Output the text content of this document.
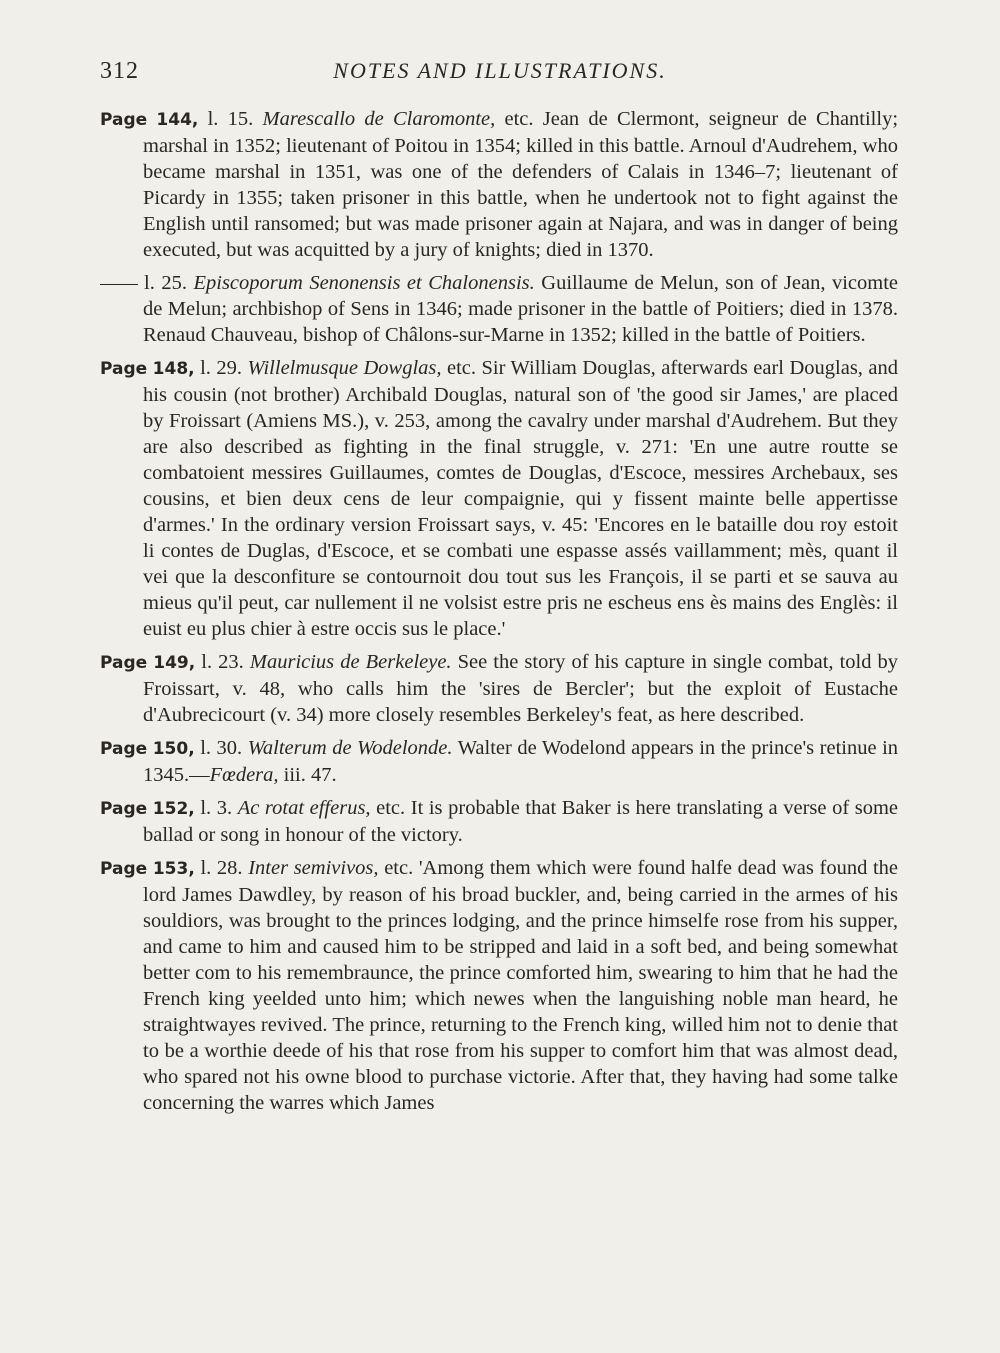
312	NOTES AND ILLUSTRATIONS.

Page 144, l. 15. Marescallo de Claromonte, etc. Jean de Clermont, seigneur de Chantilly; marshal in 1352; lieutenant of Poitou in 1354; killed in this battle. Arnoul d'Audrehem, who became marshal in 1351, was one of the defenders of Calais in 1346–7; lieutenant of Picardy in 1355; taken prisoner in this battle, when he undertook not to fight against the English until ransomed; but was made prisoner again at Najara, and was in danger of being executed, but was acquitted by a jury of knights; died in 1370.

l. 25. Episcoporum Senonensis et Chalonensis. Guillaume de Melun, son of Jean, vicomte de Melun; archbishop of Sens in 1346; made prisoner in the battle of Poitiers; died in 1378. Renaud Chauveau, bishop of Châlons-sur-Marne in 1352; killed in the battle of Poitiers.

Page 148, l. 29. Willelmusque Dowglas, etc. Sir William Douglas, afterwards earl Douglas, and his cousin (not brother) Archibald Douglas, natural son of 'the good sir James,' are placed by Froissart (Amiens MS.), v. 253, among the cavalry under marshal d'Audrehem. But they are also described as fighting in the final struggle, v. 271: 'En une autre routte se combatoient messires Guillaumes, comtes de Douglas, d'Escoce, messires Archebaux, ses cousins, et bien deux cens de leur compaignie, qui y fissent mainte belle appertisse d'armes.' In the ordinary version Froissart says, v. 45: 'Encores en le bataille dou roy estoit li contes de Duglas, d'Escoce, et se combati une espasse assés vaillamment; mès, quant il vei que la desconfiture se contournoit dou tout sus les François, il se parti et se sauva au mieus qu'il peut, car nullement il ne volsist estre pris ne escheus ens ès mains des Englès: il euist eu plus chier à estre occis sus le place.'

Page 149, l. 23. Mauricius de Berkeleye. See the story of his capture in single combat, told by Froissart, v. 48, who calls him the 'sires de Bercler'; but the exploit of Eustache d'Aubrecicourt (v. 34) more closely resembles Berkeley's feat, as here described.

Page 150, l. 30. Walterum de Wodelonde. Walter de Wodelond appears in the prince's retinue in 1345.—Fœdera, iii. 47.

Page 152, l. 3. Ac rotat efferus, etc. It is probable that Baker is here translating a verse of some ballad or song in honour of the victory.

Page 153, l. 28. Inter semivivos, etc. 'Among them which were found halfe dead was found the lord James Dawdley, by reason of his broad buckler, and, being carried in the armes of his souldiors, was brought to the princes lodging, and the prince himselfe rose from his supper, and came to him and caused him to be stripped and laid in a soft bed, and being somewhat better com to his remembraunce, the prince comforted him, swearing to him that he had the French king yeelded unto him; which newes when the languishing noble man heard, he straightwayes revived. The prince, returning to the French king, willed him not to denie that to be a worthie deede of his that rose from his supper to comfort him that was almost dead, who spared not his owne blood to purchase victorie. After that, they having had some talke concerning the warres which James
